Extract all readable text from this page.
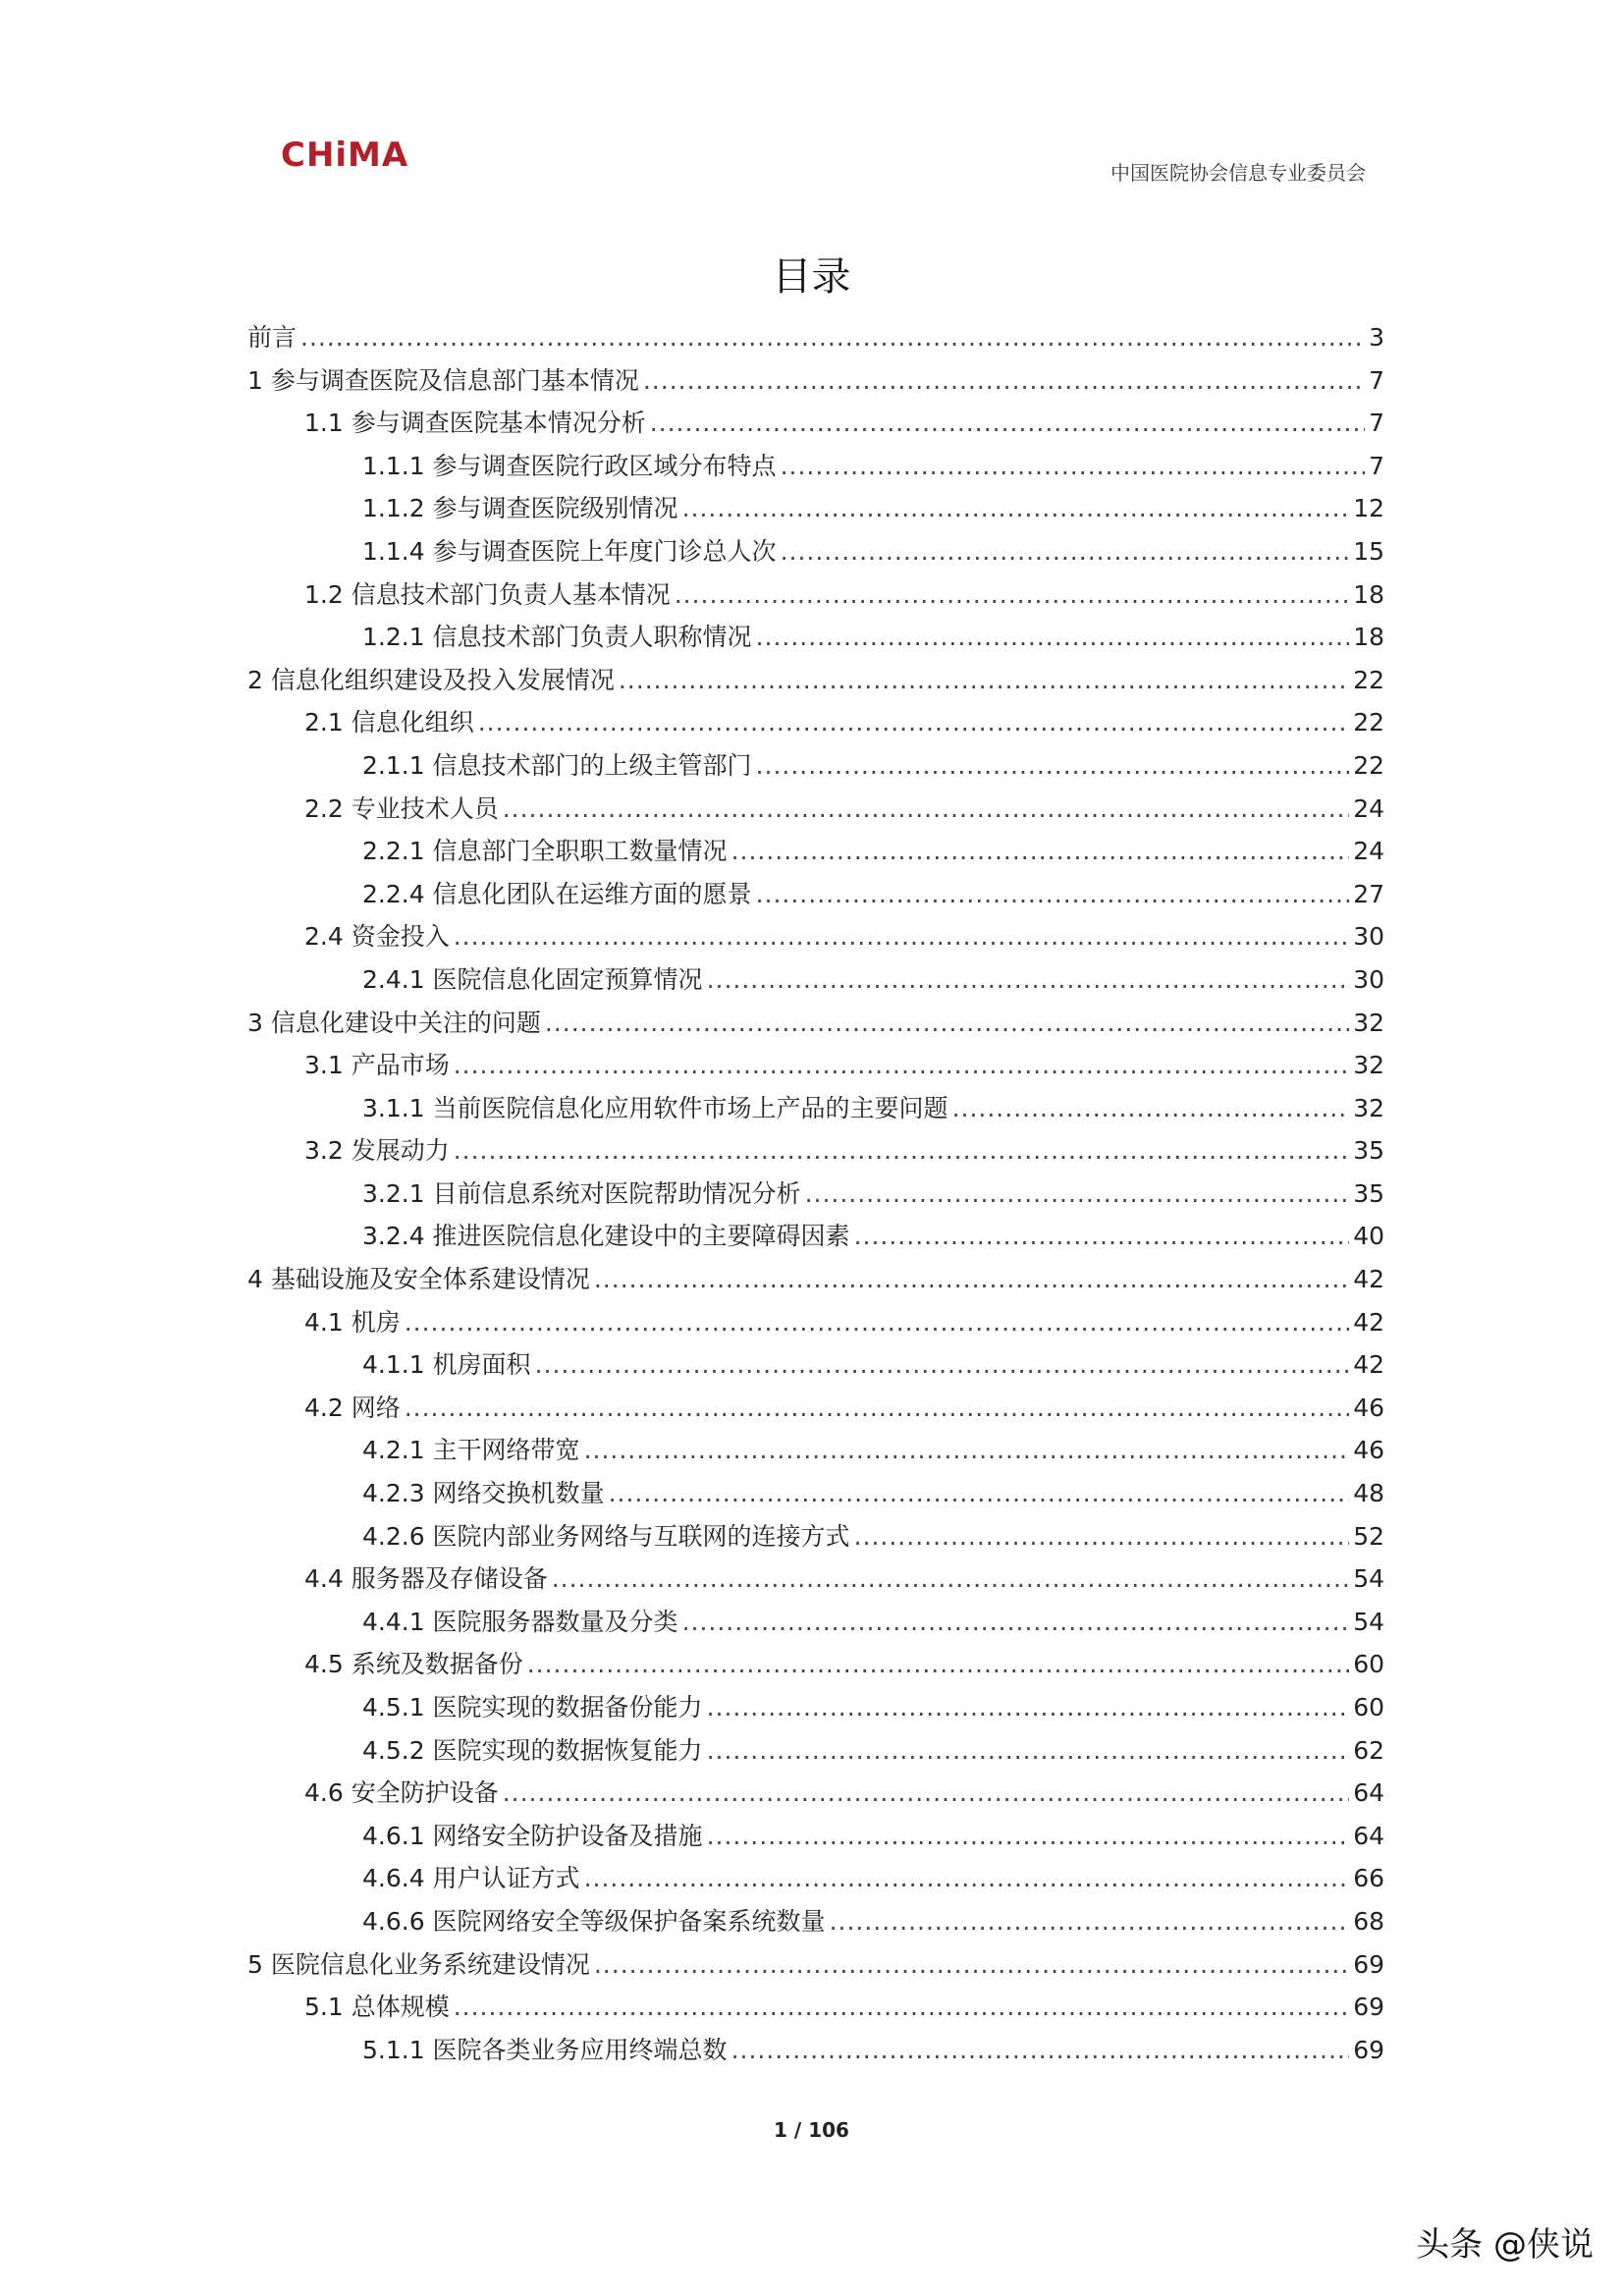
CHiMA	中国医院协会信息专业委员会
目录
前言 .....	3
1 参与调查医院及信息部门基本情况 .....	7
1.1 参与调查医院基本情况分析 .....	7
1.1.1 参与调查医院行政区域分布特点 .....	7
1.1.2 参与调查医院级别情况 .....	12
1.1.4 参与调查医院上年度门诊总人次 .....	15
1.2 信息技术部门负责人基本情况 .....	18
1.2.1 信息技术部门负责人职称情况 .....	18
2 信息化组织建设及投入发展情况 .....	22
2.1 信息化组织 .....	22
2.1.1 信息技术部门的上级主管部门 .....	22
2.2 专业技术人员 .....	24
2.2.1 信息部门全职职工数量情况 .....	24
2.2.4 信息化团队在运维方面的愿景 .....	27
2.4 资金投入 .....	30
2.4.1 医院信息化固定预算情况 .....	30
3 信息化建设中关注的问题 .....	32
3.1 产品市场 .....	32
3.1.1 当前医院信息化应用软件市场上产品的主要问题 .....	32
3.2 发展动力 .....	35
3.2.1 目前信息系统对医院帮助情况分析 .....	35
3.2.4 推进医院信息化建设中的主要障碍因素 .....	40
4 基础设施及安全体系建设情况 .....	42
4.1 机房 .....	42
4.1.1 机房面积 .....	42
4.2 网络 .....	46
4.2.1 主干网络带宽 .....	46
4.2.3 网络交换机数量 .....	48
4.2.6 医院内部业务网络与互联网的连接方式 .....	52
4.4 服务器及存储设备 .....	54
4.4.1 医院服务器数量及分类 .....	54
4.5 系统及数据备份 .....	60
4.5.1 医院实现的数据备份能力 .....	60
4.5.2 医院实现的数据恢复能力 .....	62
4.6 安全防护设备 .....	64
4.6.1 网络安全防护设备及措施 .....	64
4.6.4 用户认证方式 .....	66
4.6.6 医院网络安全等级保护备案系统数量 .....	68
5 医院信息化业务系统建设情况 .....	69
5.1 总体规模 .....	69
5.1.1 医院各类业务应用终端总数 .....	69
1 / 106
头条 @侠说
